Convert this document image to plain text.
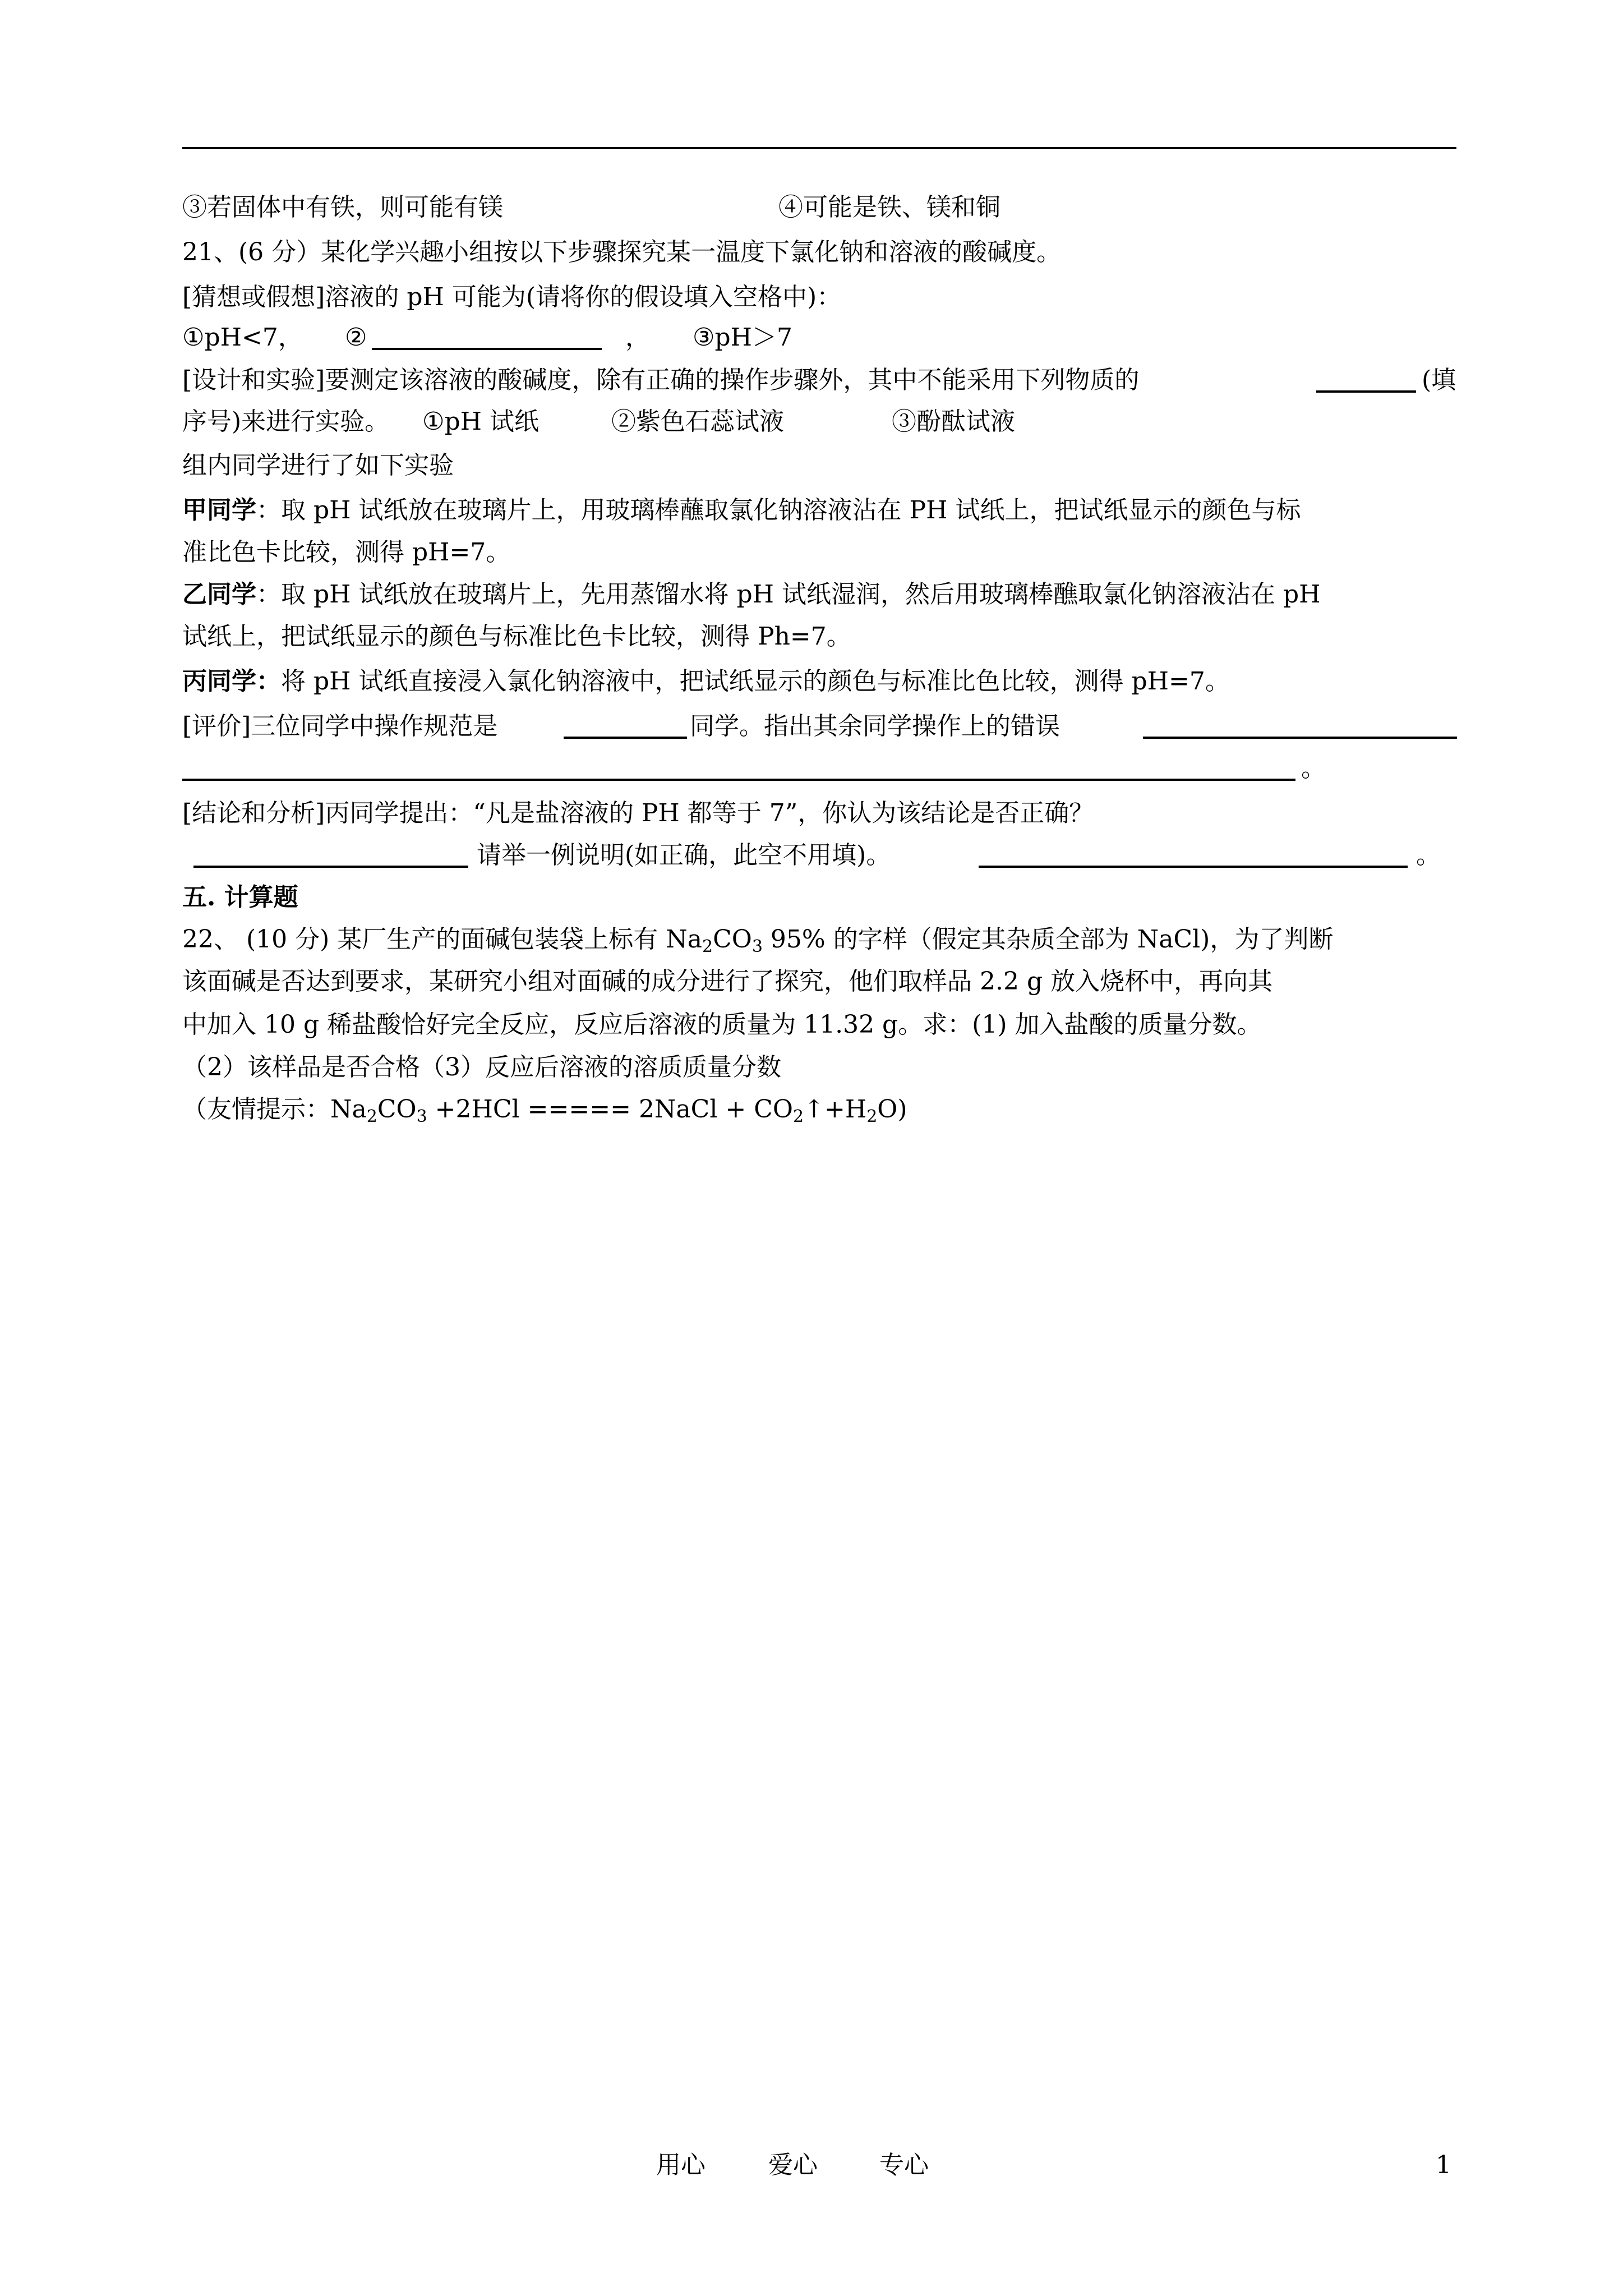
③若固体中有铁，则可能有镁	④可能是铁、镁和铜
21、(6 分）某化学兴趣小组按以下步骤探究某一温度下氯化钠和溶液的酸碱度。
[猜想或假想]溶液的 pH 可能为(请将你的假设填入空格中)：
①pH<7， ②	， ③pH＞7
[设计和实验]要测定该溶液的酸碱度，除有正确的操作步骤外，其中不能采用下列物质的	(填
序号)来进行实验。 ①pH 试纸	②紫色石蕊试液	③酚酞试液
组内同学进行了如下实验
甲同学：取 pH 试纸放在玻璃片上，用玻璃棒蘸取氯化钠溶液沾在 PH 试纸上，把试纸显示的颜色与标
准比色卡比较，测得 pH=7。
乙同学：取 pH 试纸放在玻璃片上，先用蒸馏水将 pH 试纸湿润，然后用玻璃棒醮取氯化钠溶液沾在 pH
试纸上，把试纸显示的颜色与标准比色卡比较，测得 Ph=7。
丙同学：将 pH 试纸直接浸入氯化钠溶液中，把试纸显示的颜色与标准比色比较，测得 pH=7。
[评价]三位同学中操作规范是	同学。指出其余同学操作上的错误
。
[结论和分析]丙同学提出：“凡是盐溶液的 PH 都等于 7”，你认为该结论是否正确？
请举一例说明(如正确，此空不用填)。	。
五. 计算题
22、 (10 分) 某厂生产的面碱包装袋上标有 $Na_2CO_3$ 95% 的字样（假定其杂质全部为 NaCl)，为了判断
该面碱是否达到要求，某研究小组对面碱的成分进行了探究，他们取样品 2.2 g 放入烧杯中，再向其
中加入 10 g 稀盐酸恰好完全反应，反应后溶液的质量为 11.32 g。求：(1) 加入盐酸的质量分数。
（2）该样品是否合格（3）反应后溶液的溶质质量分数
（友情提示：$Na_2CO_3 +2HCl$ ===== 2NaCl + $CO_2↑+H_2O$)
用心	爱心	专心	1
